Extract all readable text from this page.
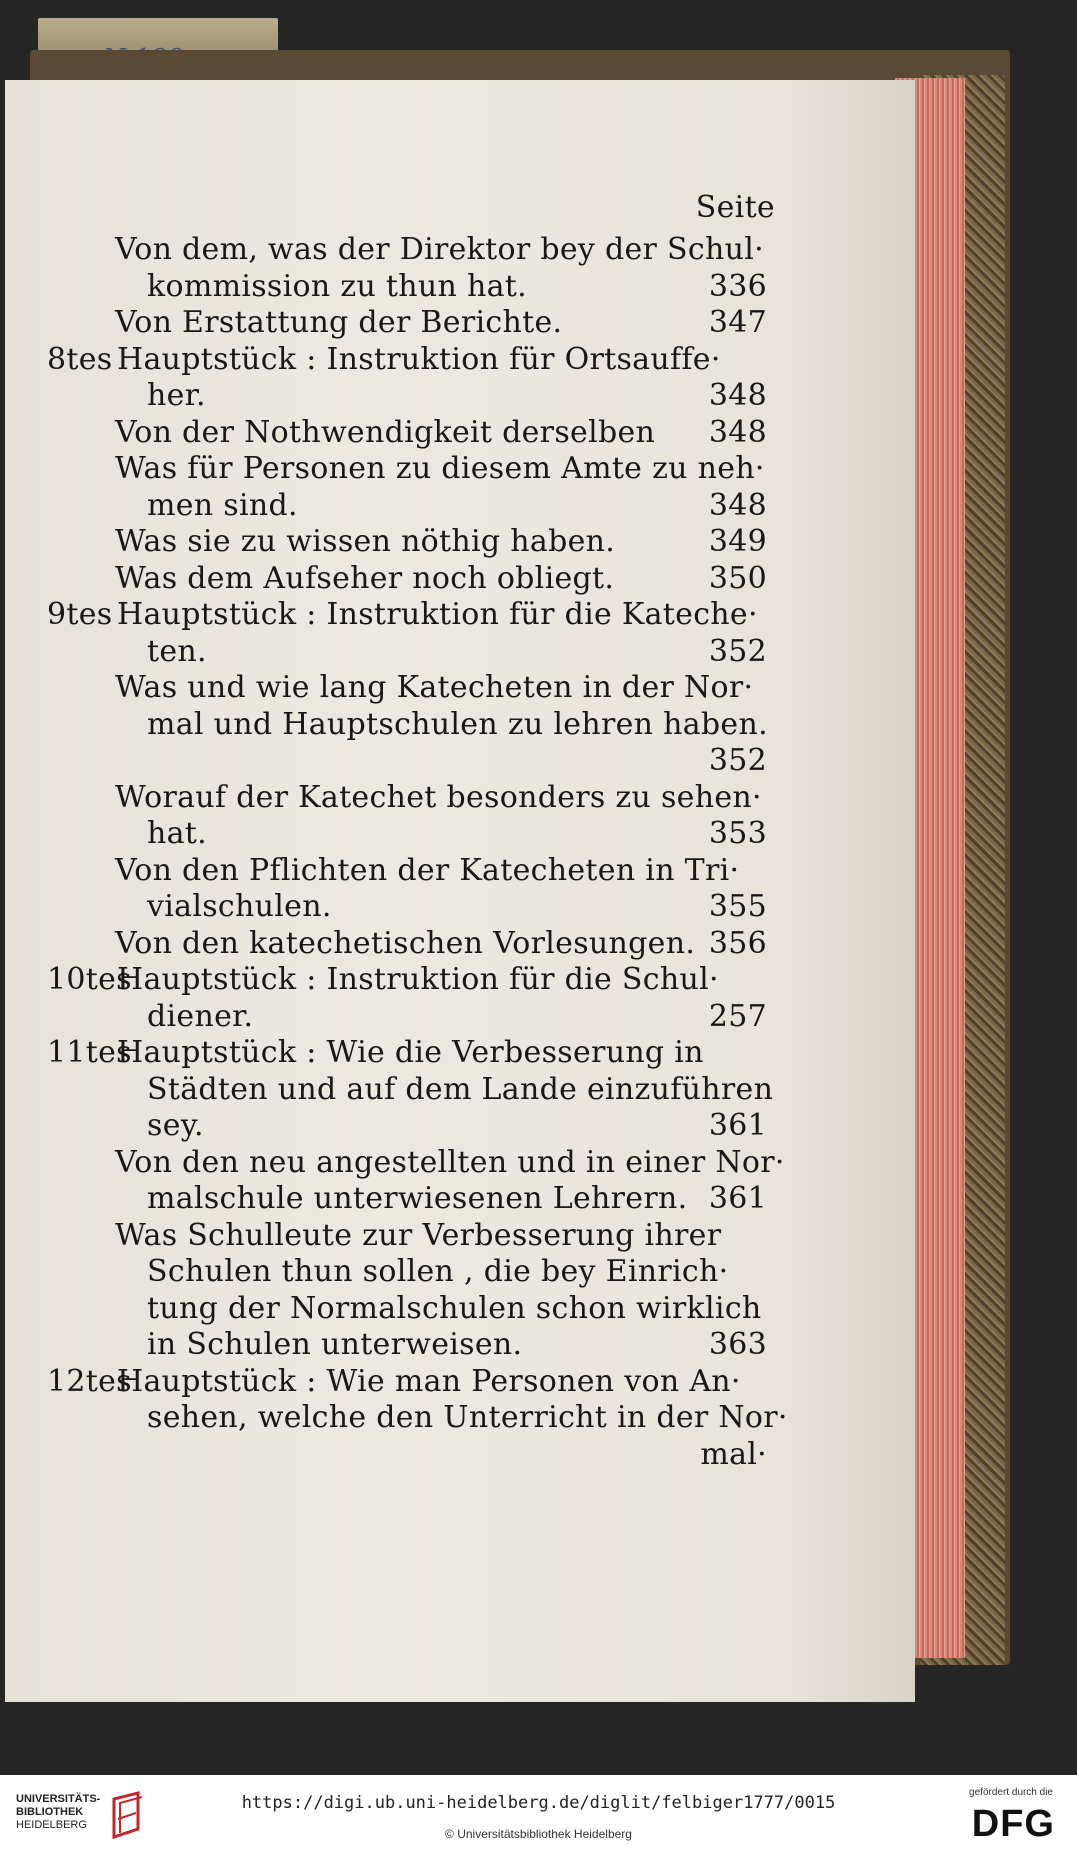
Seite
Von dem, was der Direktor bey der Schul·
kommission zu thun hat.	336
Von Erstattung der Berichte.	347
8tes Hauptstück : Instruktion für Ortsauffe·
her.	348
Von der Nothwendigkeit derselben 348
Was für Personen zu diesem Amte zu neh·
men sind.	348
Was sie zu wissen nöthig haben.	349
Was dem Aufseher noch obliegt.	350
9tes Hauptstück : Instruktion für die Kateche·
ten.	352
Was und wie lang Katecheten in der Nor·
mal und Hauptschulen zu lehren haben.
352
Worauf der Katechet besonders zu sehen·
hat.	353
Von den Pflichten der Katecheten in Tri·
vialschulen.	355
Von den katechetischen Vorlesungen. 356
10tes
Hauptstück : Instruktion für die Schul·
diener.	257
11tes
Hauptstück : Wie die Verbesserung in
Städten und auf dem Lande einzuführen
sey.	361
Von den neu angestellten und in einer Nor·
malschule unterwiesenen Lehrern. 361
Was Schulleute zur Verbesserung ihrer
Schulen thun sollen , die bey Einrich·
tung der Normalschulen schon wirklich
in Schulen unterweisen.	363
12tes
Hauptstück : Wie man Personen von An·
sehen, welche den Unterricht in der Nor·
mal·
UNIVERSITÄTS-
BIBLIOTHEK
HEIDELBERG
https://digi.ub.uni-heidelberg.de/diglit/felbiger1777/0015
© Universitätsbibliothek Heidelberg
gefördert durch die
DFG
